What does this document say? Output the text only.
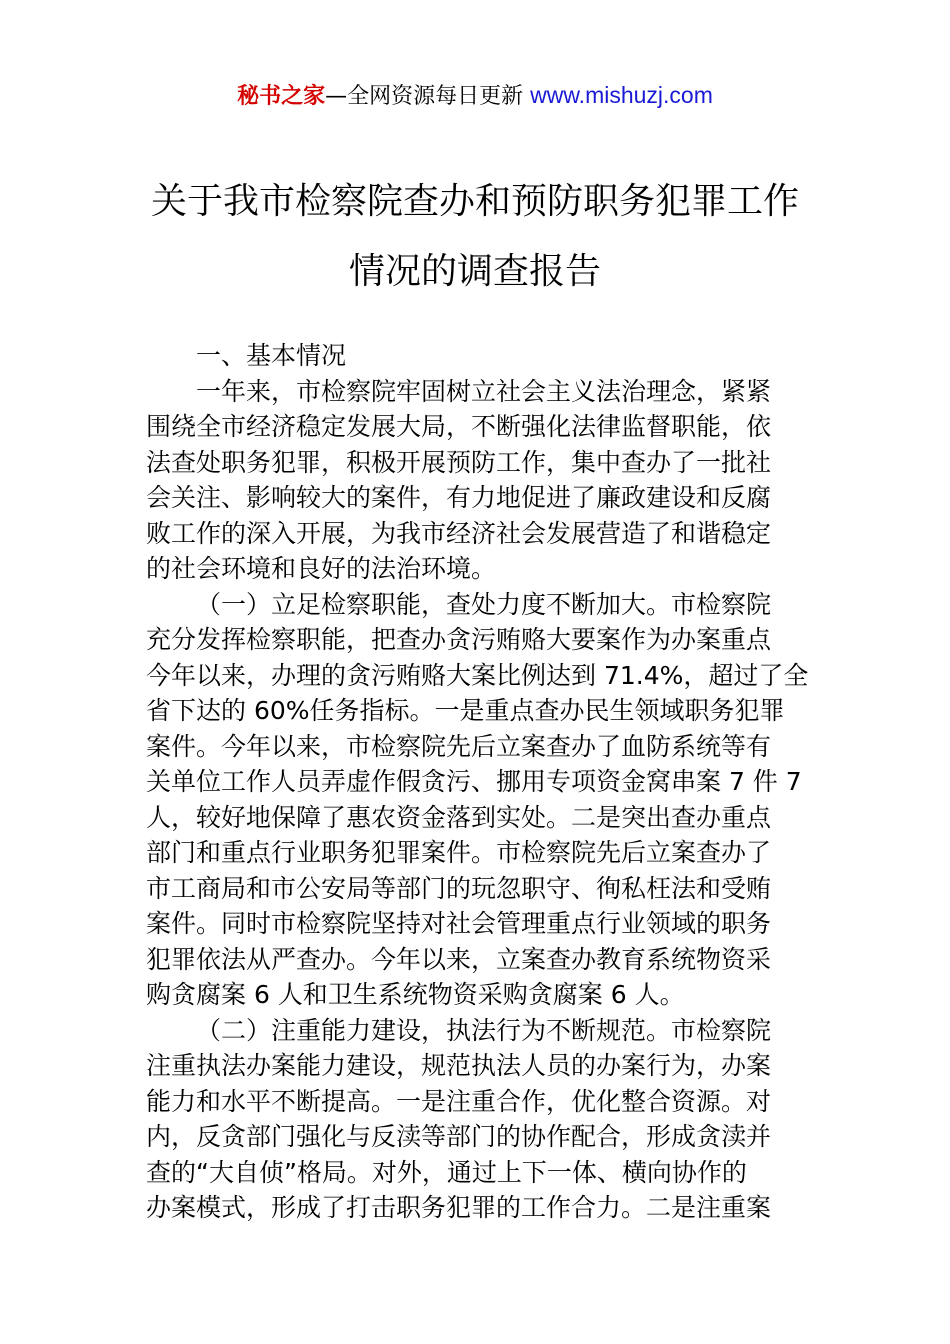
秘书之家—全网资源每日更新 www.mishuzj.com
关于我市检察院查办和预防职务犯罪工作
情况的调查报告
一、基本情况
一年来，市检察院牢固树立社会主义法治理念，紧紧
围绕全市经济稳定发展大局，不断强化法律监督职能，依
法查处职务犯罪，积极开展预防工作，集中查办了一批社
会关注、影响较大的案件，有力地促进了廉政建设和反腐
败工作的深入开展，为我市经济社会发展营造了和谐稳定
的社会环境和良好的法治环境。
（一）立足检察职能，查处力度不断加大。市检察院
充分发挥检察职能，把查办贪污贿赂大要案作为办案重点
今年以来，办理的贪污贿赂大案比例达到 71.4%，超过了全
省下达的 60%任务指标。一是重点查办民生领域职务犯罪
案件。今年以来，市检察院先后立案查办了血防系统等有
关单位工作人员弄虚作假贪污、挪用专项资金窝串案 7 件 7
人，较好地保障了惠农资金落到实处。二是突出查办重点
部门和重点行业职务犯罪案件。市检察院先后立案查办了
市工商局和市公安局等部门的玩忽职守、徇私枉法和受贿
案件。同时市检察院坚持对社会管理重点行业领域的职务
犯罪依法从严查办。今年以来，立案查办教育系统物资采
购贪腐案 6 人和卫生系统物资采购贪腐案 6 人。
（二）注重能力建设，执法行为不断规范。市检察院
注重执法办案能力建设，规范执法人员的办案行为，办案
能力和水平不断提高。一是注重合作，优化整合资源。对
内，反贪部门强化与反渎等部门的协作配合，形成贪渎并
查的“大自侦”格局。对外，通过上下一体、横向协作的
办案模式，形成了打击职务犯罪的工作合力。二是注重案
